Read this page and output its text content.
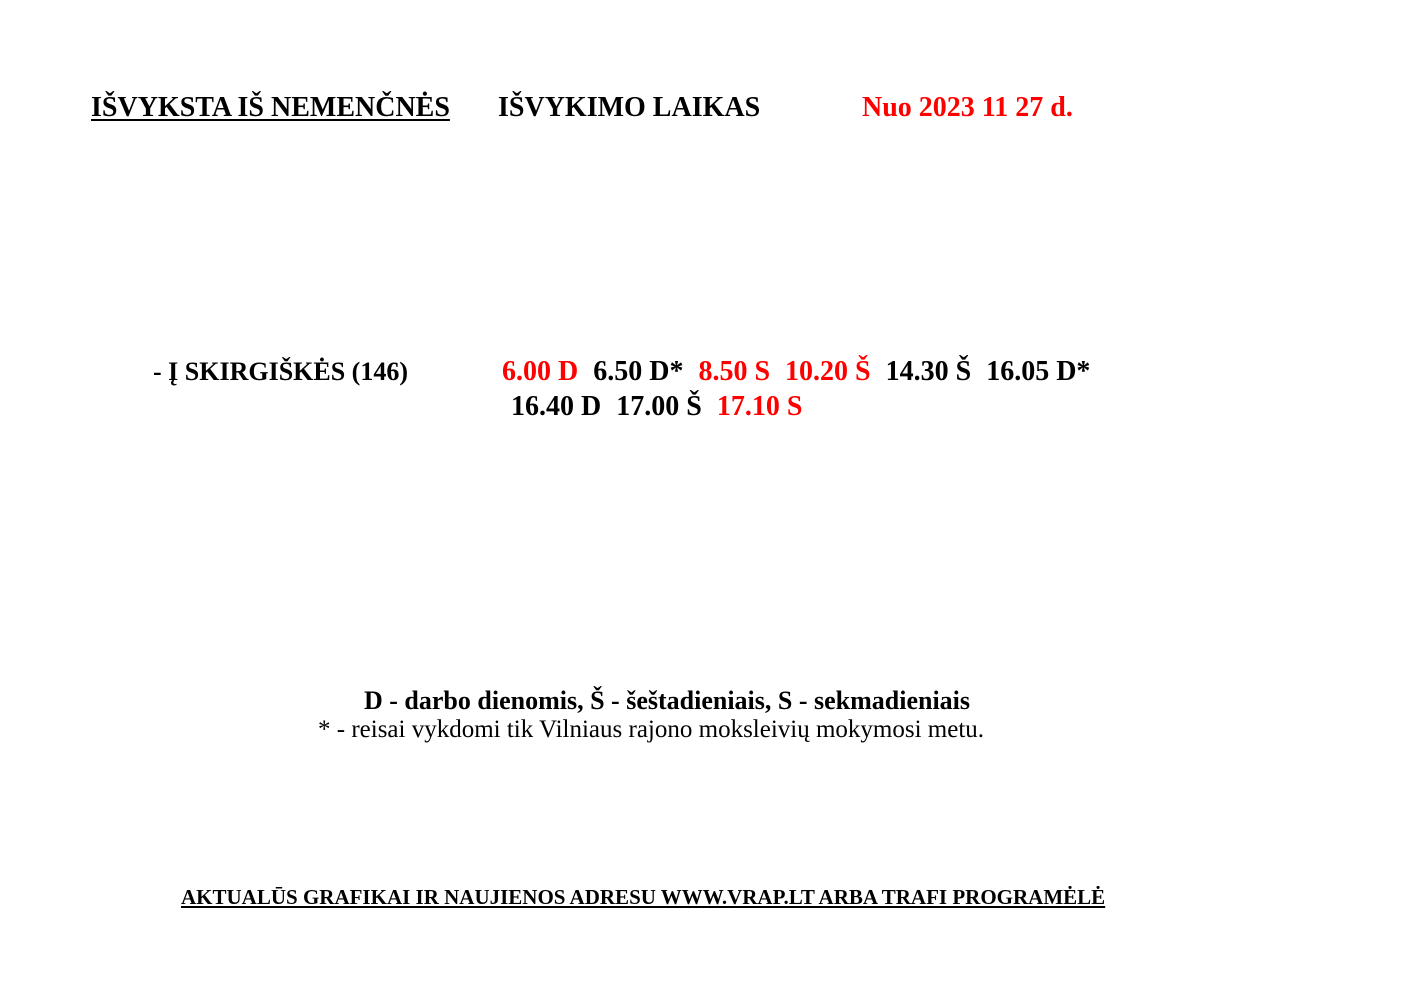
IŠVYKSTA IŠ NEMENČNĖS IŠVYKIMO LAIKAS	Nuo 2023 11 27 d.
- Į SKIRGIŠKĖS (146)	6.00 D 6.50 D* 8.50 S 10.20 Š 14.30 Š 16.05 D*
16.40 D 17.00 Š 17.10 S
D - darbo dienomis, Š - šeštadieniais, S - sekmadieniais
* - reisai vykdomi tik Vilniaus rajono moksleivių mokymosi metu.
AKTUALŪS GRAFIKAI IR NAUJIENOS ADRESU WWW.VRAP.LT ARBA TRAFI PROGRAMĖLĖ
